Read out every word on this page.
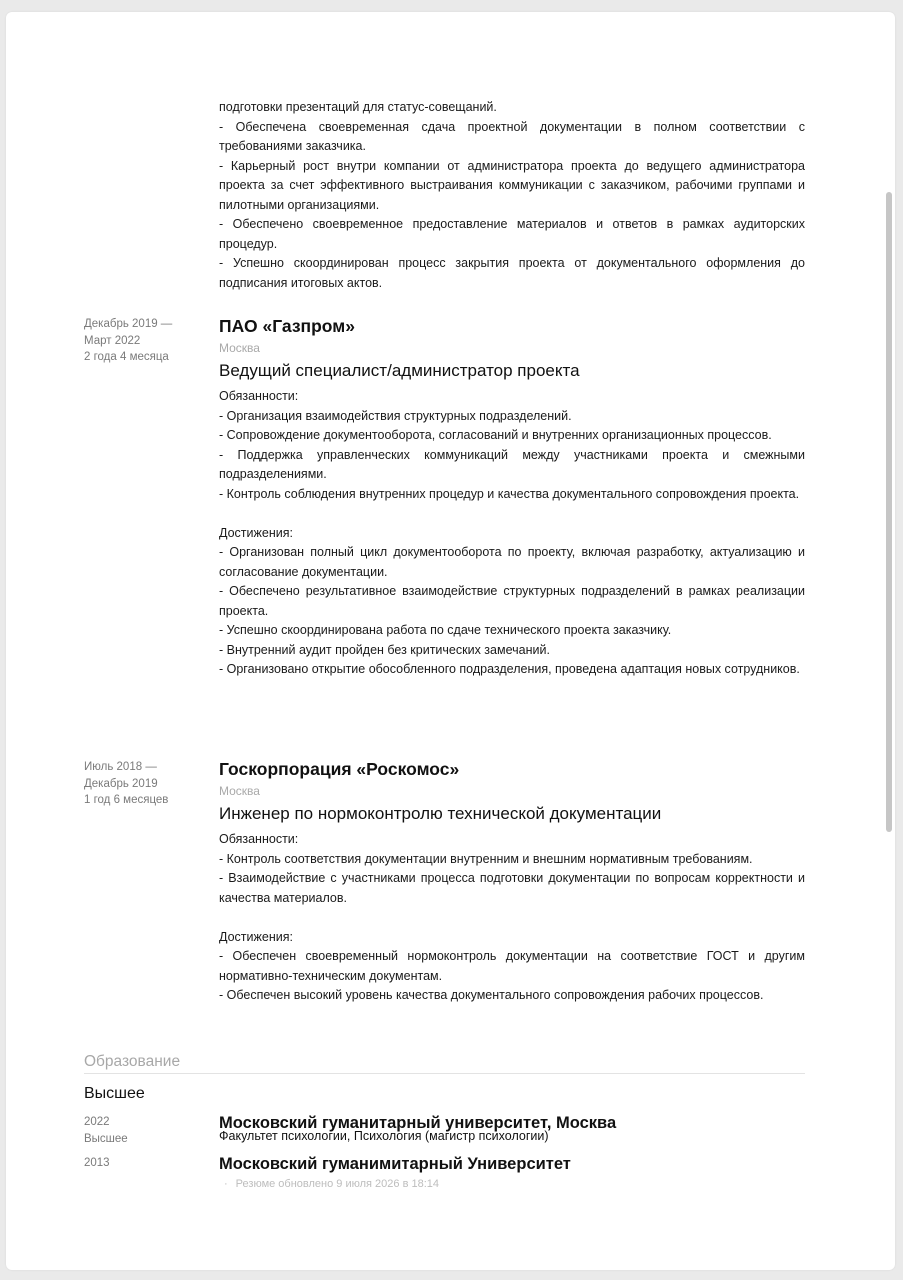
подготовки презентаций для статус-совещаний.
- Обеспечена своевременная сдача проектной документации в полном соответствии с требованиями заказчика.
- Карьерный рост внутри компании от администратора проекта до ведущего администратора проекта за счет эффективного выстраивания коммуникации с заказчиком, рабочими группами и пилотными организациями.
- Обеспечено своевременное предоставление материалов и ответов в рамках аудиторских процедур.
- Успешно скоординирован процесс закрытия проекта от документального оформления до подписания итоговых актов.
Декабрь 2019 —
Март 2022
2 года 4 месяца
ПАО «Газпром»
Москва
Ведущий специалист/администратор проекта
Обязанности:
- Организация взаимодействия структурных подразделений.
- Сопровождение документооборота, согласований и внутренних организационных процессов.
- Поддержка управленческих коммуникаций между участниками проекта и смежными подразделениями.
- Контроль соблюдения внутренних процедур и качества документального сопровождения проекта.
Достижения:
- Организован полный цикл документооборота по проекту, включая разработку, актуализацию и согласование документации.
- Обеспечено результативное взаимодействие структурных подразделений в рамках реализации проекта.
- Успешно скоординирована работа по сдаче технического проекта заказчику.
- Внутренний аудит пройден без критических замечаний.
- Организовано открытие обособленного подразделения, проведена адаптация новых сотрудников.
Июль 2018 —
Декабрь 2019
1 год 6 месяцев
Госкорпорация «Роскомос»
Москва
Инженер по нормоконтролю технической документации
Обязанности:
- Контроль соответствия документации внутренним и внешним нормативным требованиям.
- Взаимодействие с участниками процесса подготовки документации по вопросам корректности и качества материалов.
Достижения:
- Обеспечен своевременный нормоконтроль документации на соответствие ГОСТ и другим нормативно-техническим документам.
- Обеспечен высокий уровень качества документального сопровождения рабочих процессов.
Образование
Высшее
2022
Высшее
Московский гуманитарный университет, Москва
Факультет психологии, Психология (магистр психологии)
2013	Московский гуманимитарный Университет
· Резюме обновлено 9 июля 2026 в 18:14
